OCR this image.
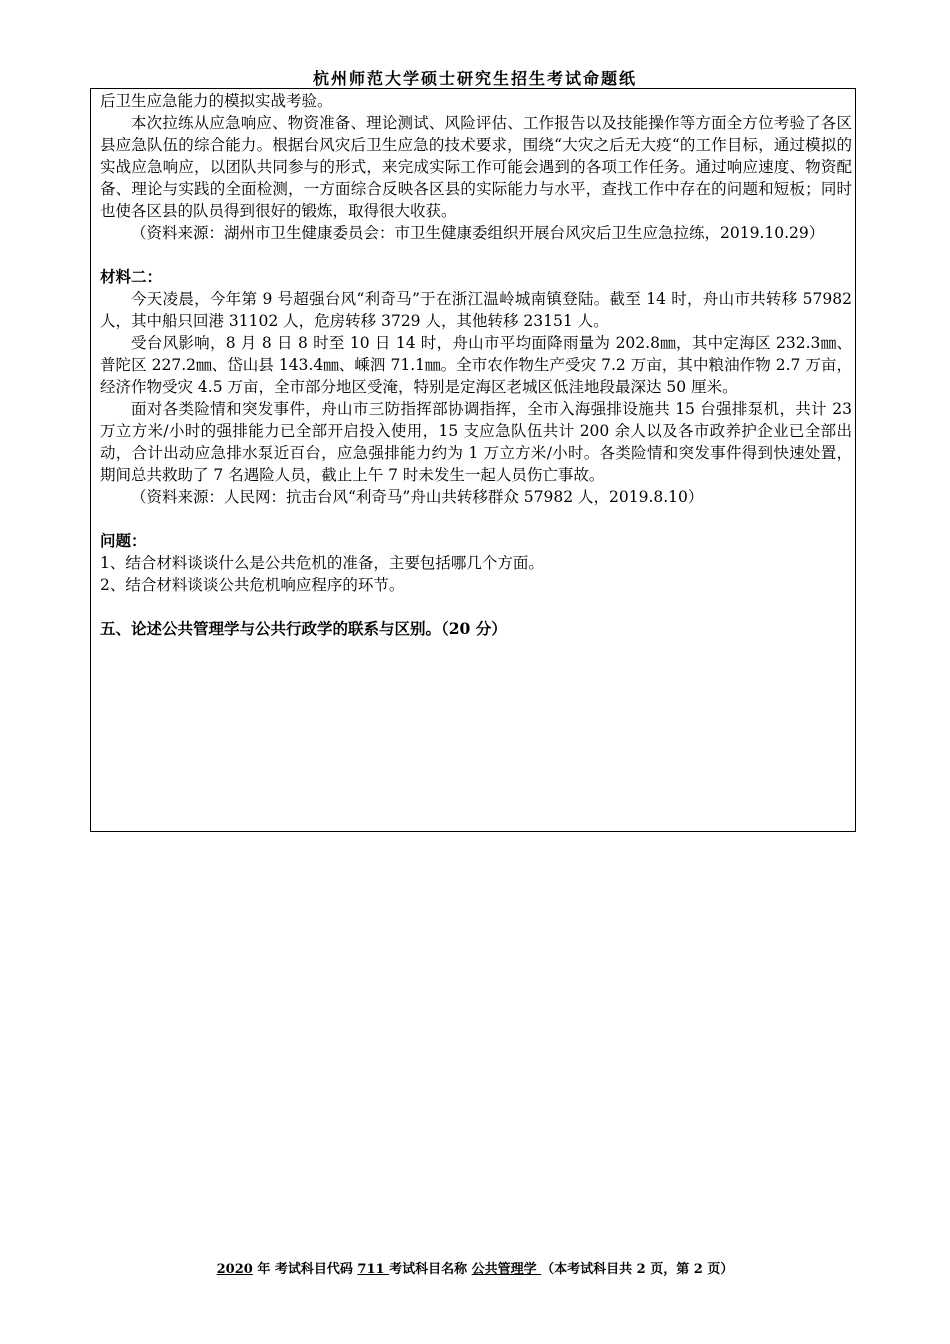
杭州师范大学硕士研究生招生考试命题纸

后卫生应急能力的模拟实战考验。

本次拉练从应急响应、物资准备、理论测试、风险评估、工作报告以及技能操作等方面全方位考验了各区县应急队伍的综合能力。根据台风灾后卫生应急的技术要求，围绕“大灾之后无大疫“的工作目标，通过模拟的实战应急响应，以团队共同参与的形式，来完成实际工作可能会遇到的各项工作任务。通过响应速度、物资配备、理论与实践的全面检测，一方面综合反映各区县的实际能力与水平，查找工作中存在的问题和短板；同时也使各区县的队员得到很好的锻炼，取得很大收获。

（资料来源：湖州市卫生健康委员会：市卫生健康委组织开展台风灾后卫生应急拉练，2019.10.29）

材料二：

今天凌晨，今年第 9 号超强台风“利奇马”于在浙江温岭城南镇登陆。截至 14 时，舟山市共转移 57982 人，其中船只回港 31102 人，危房转移 3729 人，其他转移 23151 人。

受台风影响，8 月 8 日 8 时至 10 日 14 时，舟山市平均面降雨量为 202.8㎜，其中定海区 232.3㎜、普陀区 227.2㎜、岱山县 143.4㎜、嵊泗 71.1㎜。全市农作物生产受灾 7.2 万亩，其中粮油作物 2.7 万亩，经济作物受灾 4.5 万亩，全市部分地区受淹，特别是定海区老城区低洼地段最深达 50 厘米。

面对各类险情和突发事件，舟山市三防指挥部协调指挥，全市入海强排设施共 15 台强排泵机，共计 23 万立方米/小时的强排能力已全部开启投入使用，15 支应急队伍共计 200 余人以及各市政养护企业已全部出动，合计出动应急排水泵近百台，应急强排能力约为 1 万立方米/小时。各类险情和突发事件得到快速处置，期间总共救助了 7 名遇险人员，截止上午 7 时未发生一起人员伤亡事故。

（资料来源：人民网：抗击台风“利奇马”舟山共转移群众 57982 人，2019.8.10）

问题：

1、结合材料谈谈什么是公共危机的准备，主要包括哪几个方面。

2、结合材料谈谈公共危机响应程序的环节。

五、论述公共管理学与公共行政学的联系与区别。（20 分）

2020 年 考试科目代码 711 考试科目名称 公共管理学 （本考试科目共 2 页，第 2 页）
